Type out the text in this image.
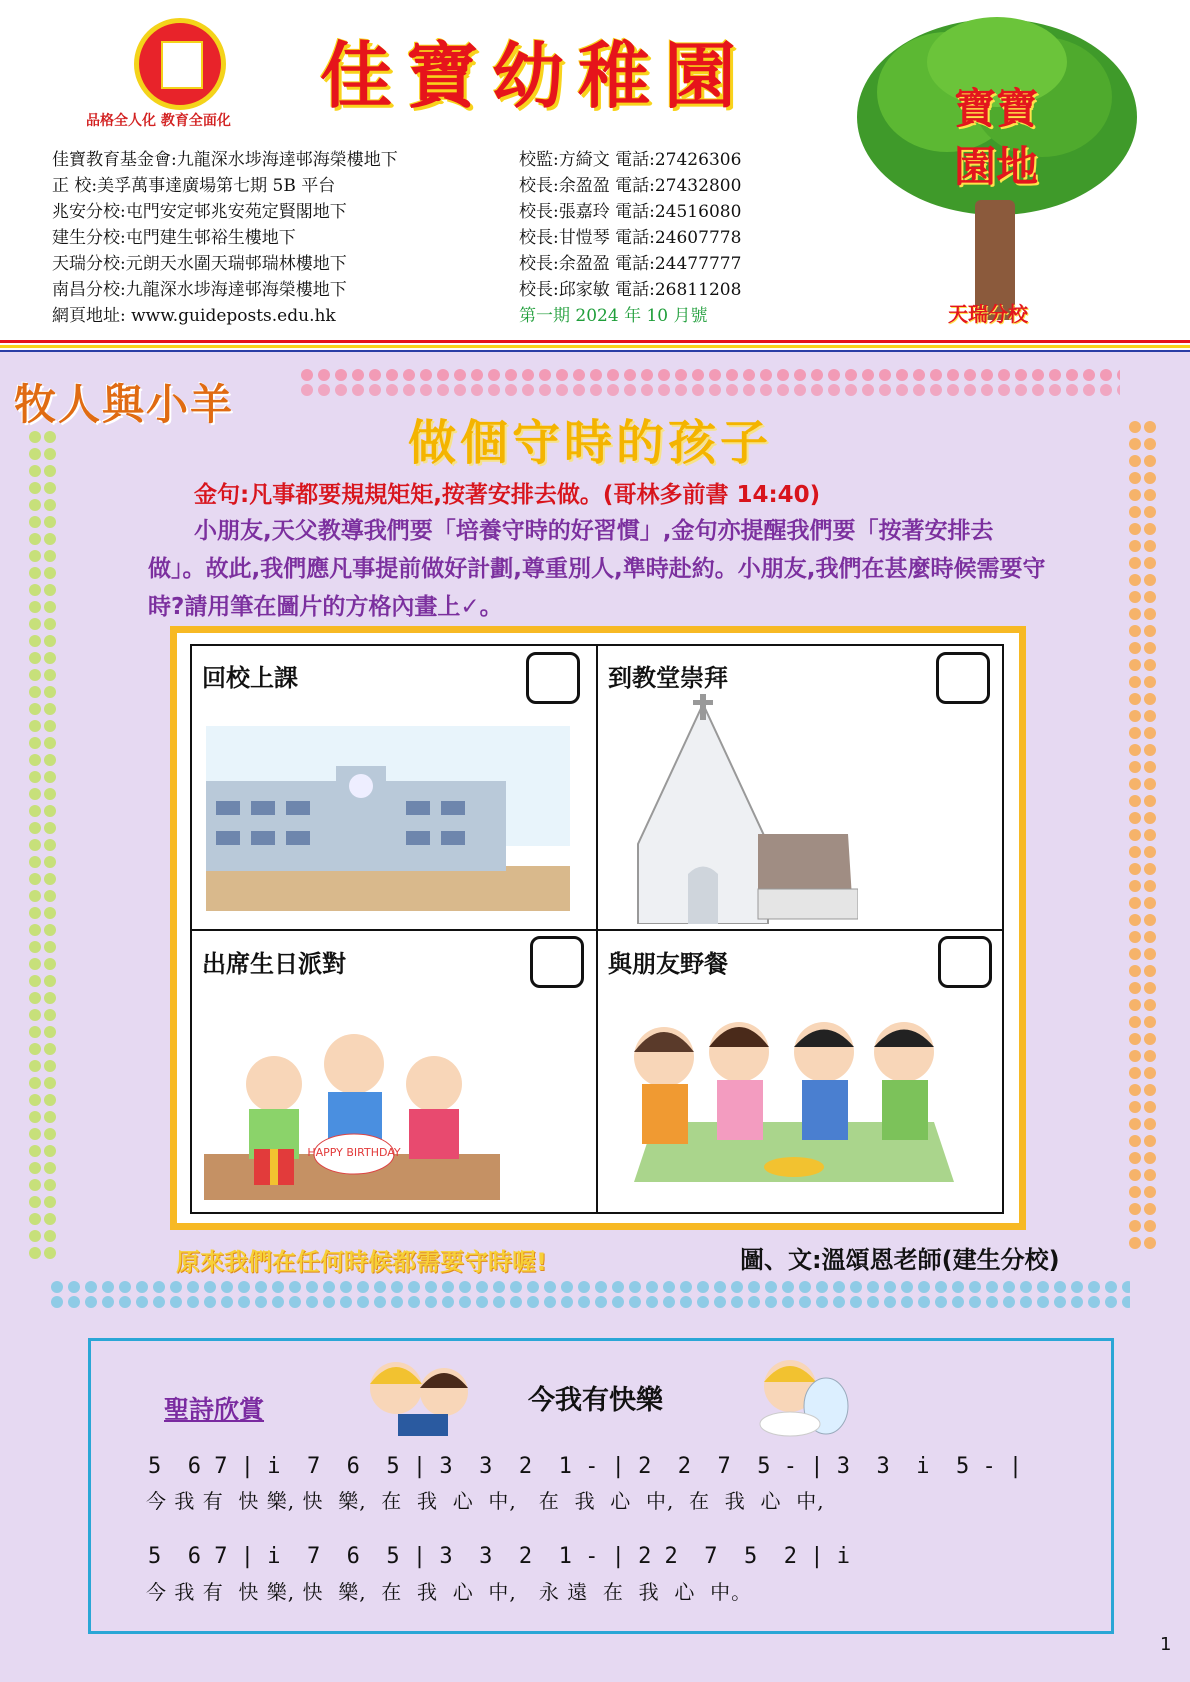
品格全人化 教育全面化
佳寶幼稚園
佳寶教育基金會:九龍深水埗海達邨海榮樓地下
正 校:美孚萬事達廣場第七期 5B 平台
兆安分校:屯門安定邨兆安苑定賢閣地下
建生分校:屯門建生邨裕生樓地下
天瑞分校:元朗天水圍天瑞邨瑞林樓地下
南昌分校:九龍深水埗海達邨海榮樓地下
網頁地址: www.guideposts.edu.hk
校監:方綺文 電話:27426306
校長:余盈盈 電話:27432800
校長:張嘉玲 電話:24516080
校長:甘愷琴 電話:24607778
校長:余盈盈 電話:24477777
校長:邱家敏 電話:26811208
第一期 2024 年 10 月號
寶寶
園地
天瑞分校
牧人與小羊
做個守時的孩子
金句:凡事都要規規矩矩,按著安排去做。(哥林多前書 14:40)
　　小朋友,天父教導我們要「培養守時的好習慣」,金句亦提醒我們要「按著安排去做」。故此,我們應凡事提前做好計劃,尊重別人,準時赴約。小朋友,我們在甚麼時候需要守時?請用筆在圖片的方格內畫上✓。
回校上課	到教堂崇拜
出席生日派對
HAPPY BIRTHDAY
與朋友野餐
原來我們在任何時候都需要守時喔!	圖、文:溫頌恩老師(建生分校)
聖詩欣賞	今我有快樂
5  6 7 | i  7  6  5 | 3  3  2  1 - | 2  2  7  5 - | 3  3  i  5 - |
今 我 有  快 樂, 快  樂,  在  我  心  中,   在  我  心  中,  在  我  心  中,
5  6 7 | i  7  6  5 | 3  3  2  1 - | 2 2  7  5  2 | i
今 我 有  快 樂, 快  樂,  在  我  心  中,   永 遠  在  我  心  中。
1
